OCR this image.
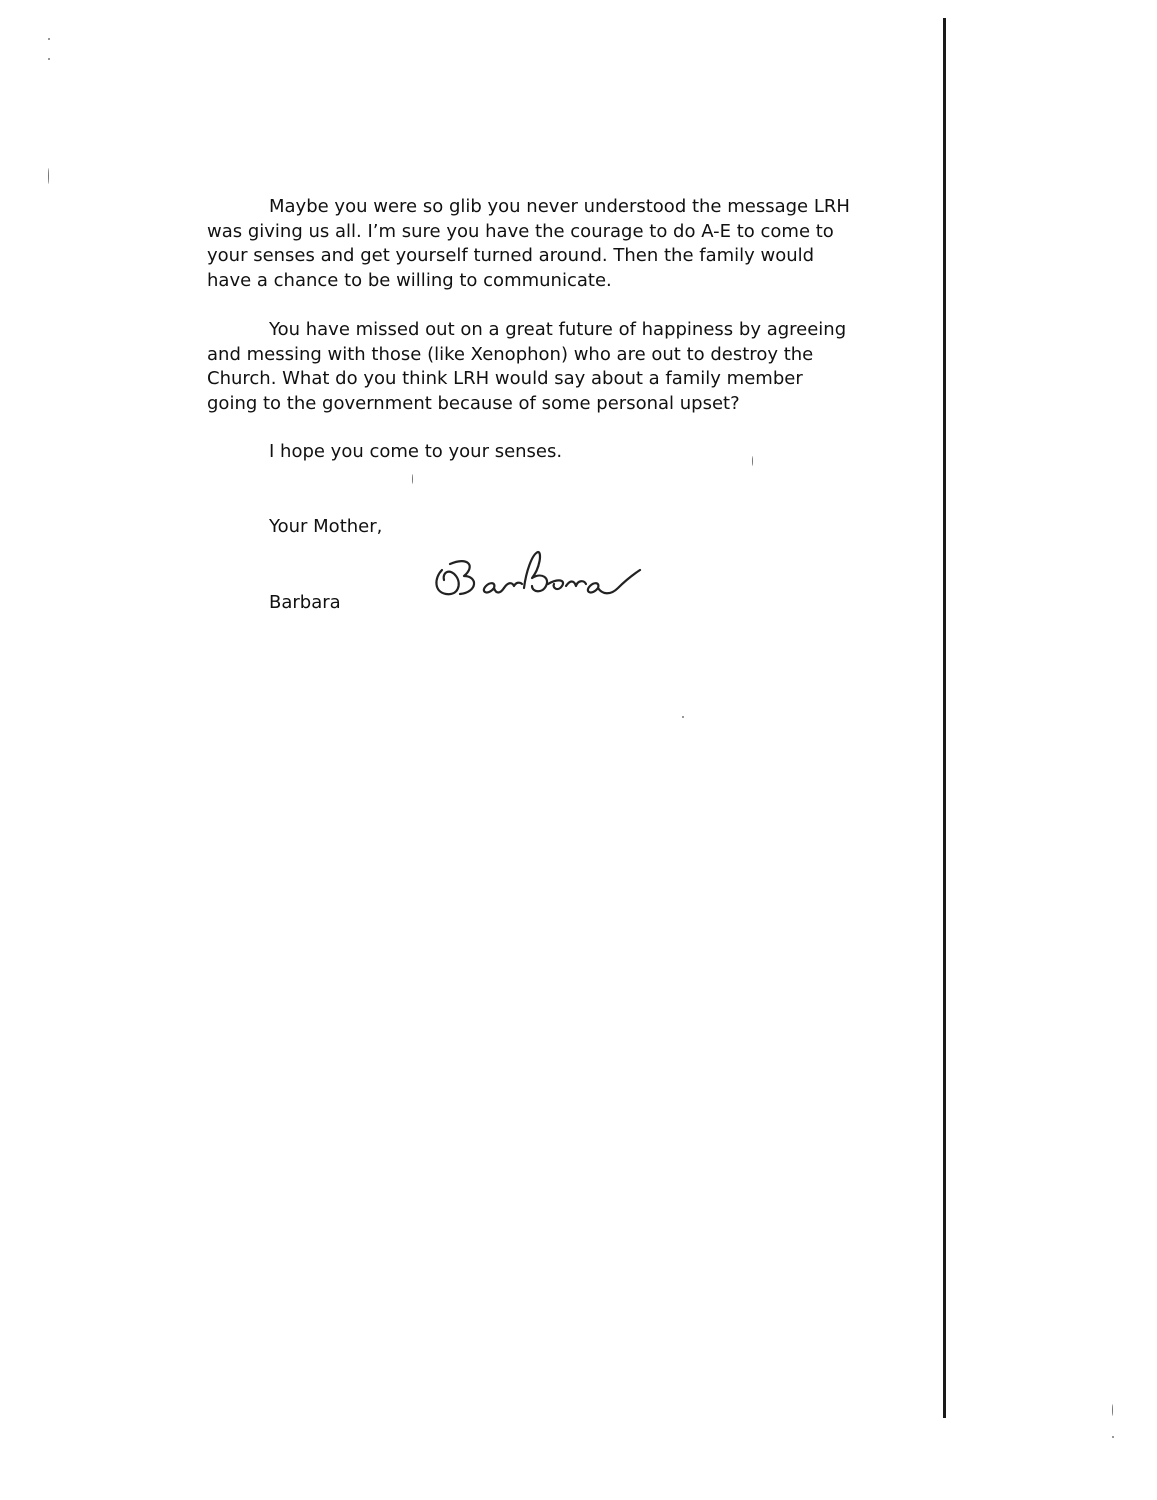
Maybe you were so glib you never understood the message LRH
was giving us all. I’m sure you have the courage to do A-E to come to
your senses and get yourself turned around. Then the family would
have a chance to be willing to communicate.

You have missed out on a great future of happiness by agreeing
and messing with those (like Xenophon) who are out to destroy the
Church. What do you think LRH would say about a family member
going to the government because of some personal upset?

I hope you come to your senses.
Your Mother,
Barbara
